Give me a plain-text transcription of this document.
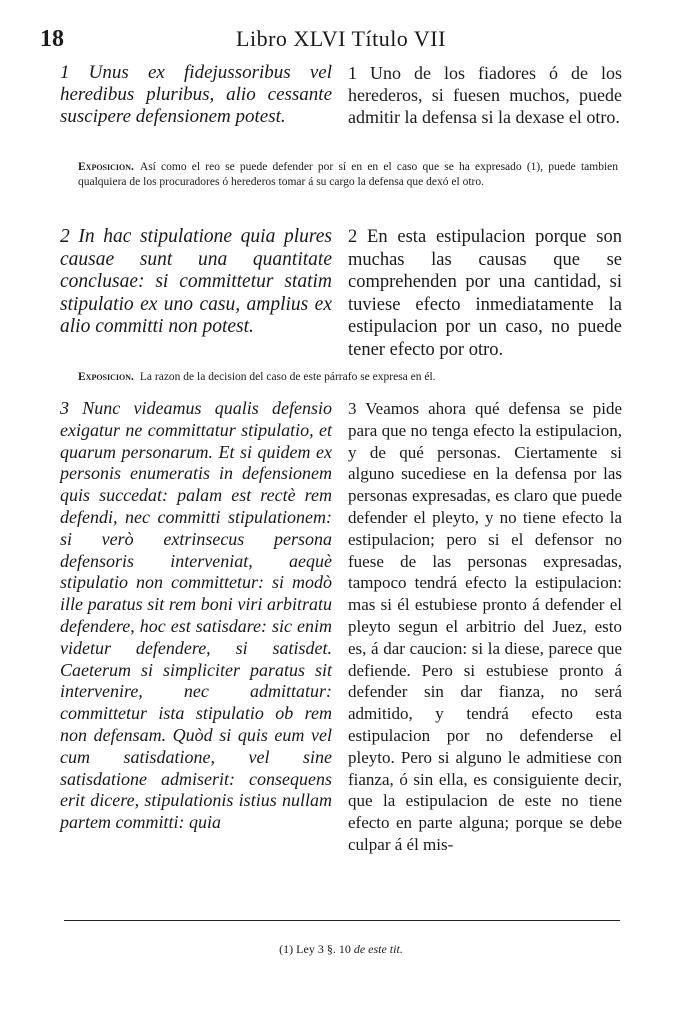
18	Libro XLVI Título VII

1 Unus ex fidejussoribus vel heredibus pluribus, alio cessante suscipere defensionem potest.

1 Uno de los fiadores ó de los herederos, si fuesen muchos, puede admitir la defensa si la dexase el otro.

Exposicion. Así como el reo se puede defender por sí en en el caso que se ha expresado (1), puede tambien qualquiera de los procuradores ó herederos tomar á su cargo la defensa que dexó el otro.

2 In hac stipulatione quia plures causae sunt una quantitate conclusae: si committetur statim stipulatio ex uno casu, amplius ex alio committi non potest.

2 En esta estipulacion porque son muchas las causas que se comprehenden por una cantidad, si tuviese efecto inmediatamente la estipulacion por un caso, no puede tener efecto por otro.

Exposicion. La razon de la decision del caso de este párrafo se expresa en él.

3 Nunc videamus qualis defensio exigatur ne committatur stipulatio, et quarum personarum. Et si quidem ex personis enumeratis in defensionem quis succedat: palam est rectè rem defendi, nec committi stipulationem: si verò extrinsecus persona defensoris interveniat, aequè stipulatio non committetur: si modò ille paratus sit rem boni viri arbitratu defendere, hoc est satisdare: sic enim videtur defendere, si satisdet. Caeterum si simpliciter paratus sit intervenire, nec admittatur: committetur ista stipulatio ob rem non defensam. Quòd si quis eum vel cum satisdatione, vel sine satisdatione admiserit: consequens erit dicere, stipulationis istius nullam partem committi: quia

3 Veamos ahora qué defensa se pide para que no tenga efecto la estipulacion, y de qué personas. Ciertamente si alguno sucediese en la defensa por las personas expresadas, es claro que puede defender el pleyto, y no tiene efecto la estipulacion; pero si el defensor no fuese de las personas expresadas, tampoco tendrá efecto la estipulacion: mas si él estubiese pronto á defender el pleyto segun el arbitrio del Juez, esto es, á dar caucion: si la diese, parece que defiende. Pero si estubiese pronto á defender sin dar fianza, no será admitido, y tendrá efecto esta estipulacion por no defenderse el pleyto. Pero si alguno le admitiese con fianza, ó sin ella, es consiguiente decir, que la estipulacion de este no tiene efecto en parte alguna; porque se debe culpar á él mis-

(1) Ley 3 §. 10 de este tit.
